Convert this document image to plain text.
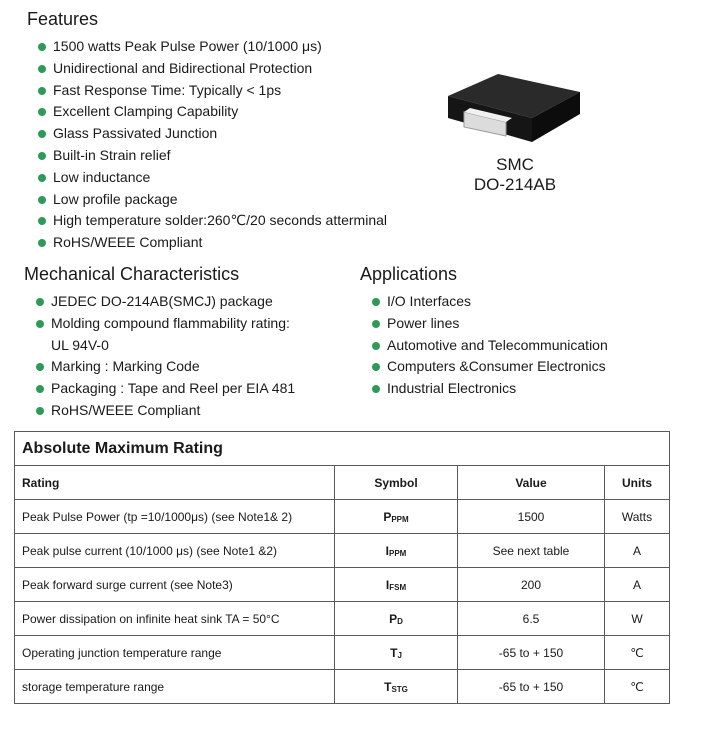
Features
1500 watts Peak Pulse Power (10/1000 μs)
Unidirectional and Bidirectional Protection
Fast Response Time: Typically < 1ps
Excellent Clamping Capability
Glass Passivated Junction
Built-in Strain relief
Low inductance
Low profile package
High temperature solder:260℃/20 seconds atterminal
RoHS/WEEE Compliant
SMC
DO-214AB
Mechanical Characteristics
JEDEC DO-214AB(SMCJ) package
Molding compound flammability rating:
UL 94V-0
Marking : Marking Code
Packaging : Tape and Reel per EIA 481
RoHS/WEEE Compliant
Applications
I/O Interfaces
Power lines
Automotive and Telecommunication
Computers &Consumer Electronics
Industrial Electronics
Absolute Maximum Rating			
Rating	Symbol	Value	Units
Peak Pulse Power (tp =10/1000μs) (see Note1& 2)	$P_{PPM}$	1500	Watts
Peak pulse current (10/1000 μs) (see Note1 &2)	$I_{PPM}$	See next table	A
Peak forward surge current (see Note3)	$I_{FSM}$	200	A
Power dissipation on infinite heat sink TA = 50°C	$P_D$	6.5	W
Operating junction temperature range	$T_J$	-65 to + 150	℃
storage temperature range	$T_{STG}$	-65 to + 150	℃
